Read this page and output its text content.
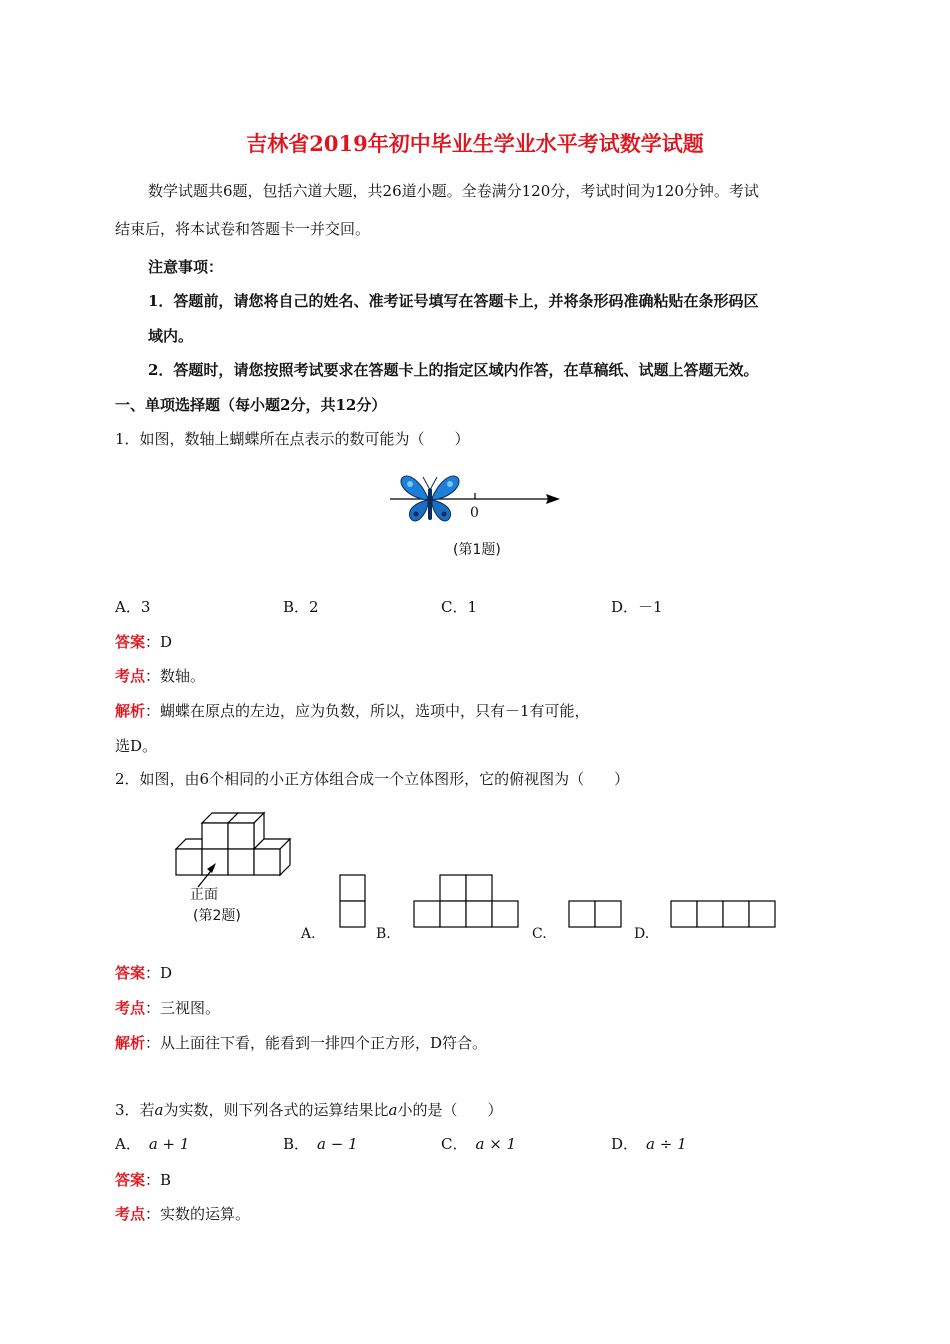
吉林省2019年初中毕业生学业水平考试数学试题
数学试题共6题，包括六道大题，共26道小题。全卷满分120分，考试时间为120分钟。考试
结束后，将本试卷和答题卡一并交回。
注意事项：
1．答题前，请您将自己的姓名、准考证号填写在答题卡上，并将条形码准确粘贴在条形码区
域内。
2．答题时，请您按照考试要求在答题卡上的指定区域内作答，在草稿纸、试题上答题无效。
一、单项选择题（每小题2分，共12分）
1．如图，数轴上蝴蝶所在点表示的数可能为（　　）
0
(第1题)
A．3	B．2	C．1	D．－1
答案：D
考点：数轴。
解析：蝴蝶在原点的左边，应为负数，所以，选项中，只有－1有可能，
选D。
2．如图，由6个相同的小正方体组合成一个立体图形，它的俯视图为（　　）
正面
(第2题)
A.	B.	C.	D.
答案：D
考点：三视图。
解析：从上面往下看，能看到一排四个正方形，D符合。
3．若a为实数，则下列各式的运算结果比a小的是（　　）
A． a + 1	B． a − 1	C． a × 1	D． a ÷ 1
答案：B
考点：实数的运算。
